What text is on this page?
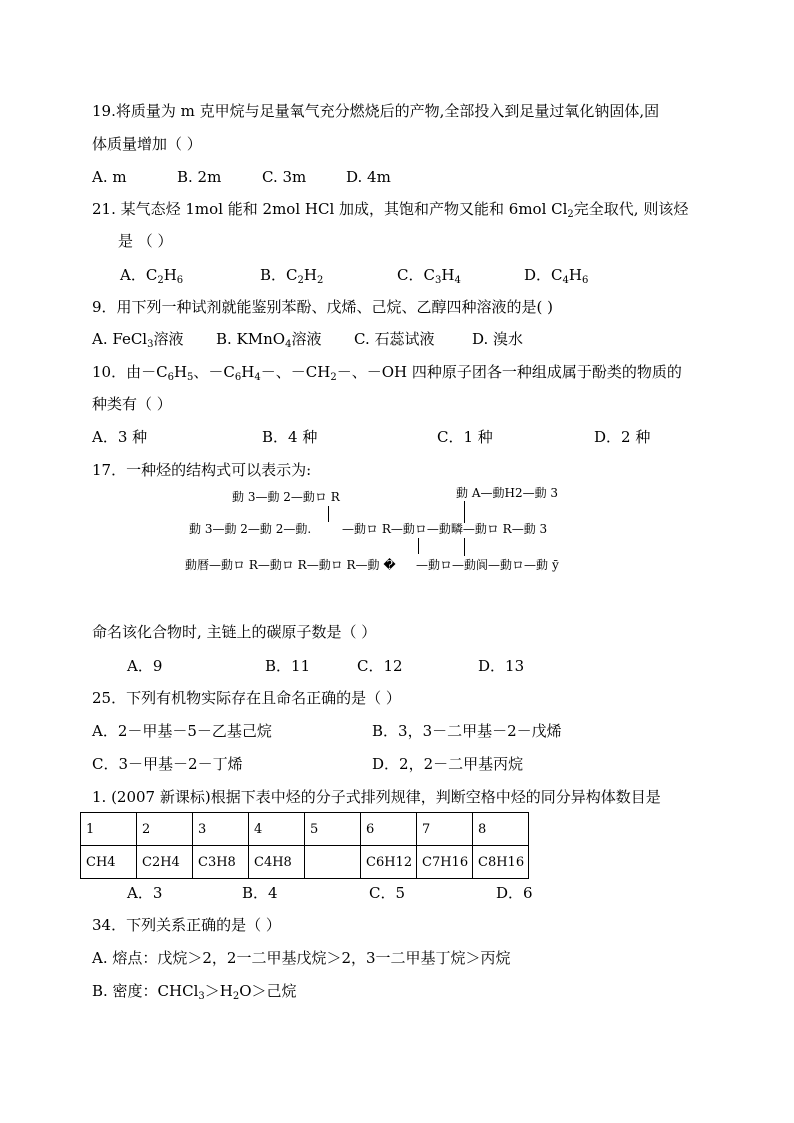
19.将质量为 m 克甲烷与足量氧气充分燃烧后的产物,全部投入到足量过氧化钠固体,固
体质量增加（ ）
A. m	B. 2m	C. 3m	D. 4m
21. 某气态烃 1mol 能和 2mol HCl 加成，其饱和产物又能和 6mol $Cl_2$完全取代, 则该烃
是 （ ）
A．$C_2H_6$	B．$C_2H_2$	C．$C_3H_4$	D．$C_4H_6$
9．用下列一种试剂就能鉴别苯酚、戊烯、己烷、乙醇四种溶液的是( )
A. FeCl$_3$溶液 B. KMnO$_4$溶液 C. 石蕊试液	D. 溴水
10．由$-C_6H_5$、$-C_6H_4-$、$-CH_2-$、－OH 四种原子团各一种组成属于酚类的物质的
种类有（ ）
A．3 种	B．4 种	C．1 种	D．2 种
17．一种烃的结构式可以表示为:
動 3—動 2—動ロ R	動 A—動H2—動 3
動 3—動 2—動 2—動.	—動ロ R—動ロ—動疄—動ロ R—動 3
動暦—動ロ R—動ロ R—動ロ R—動 � —動ロ—動阆—動ロ—動 ӯ
命名该化合物时, 主链上的碳原子数是（ ）
A．9	B．11	C．12	D．13
25．下列有机物实际存在且命名正确的是（ ）
A．2－甲基－5－乙基己烷	B．3，3－二甲基－2－戊烯
C．3－甲基－2－丁烯	D．2，2－二甲基丙烷
1. (2007 新课标)根据下表中烃的分子式排列规律，判断空格中烃的同分异构体数目是
1	2	3	4	5	6	7	8
CH4	C2H4	C3H8	C4H8		C6H12	C7H16	C8H16
A．3	B．4	C．5	D．6
34．下列关系正确的是（ ）
A. 熔点：戊烷＞2，2一二甲基戊烷＞2，3一二甲基丁烷＞丙烷
B. 密度：$CHCl_3>H_2O>$己烷
